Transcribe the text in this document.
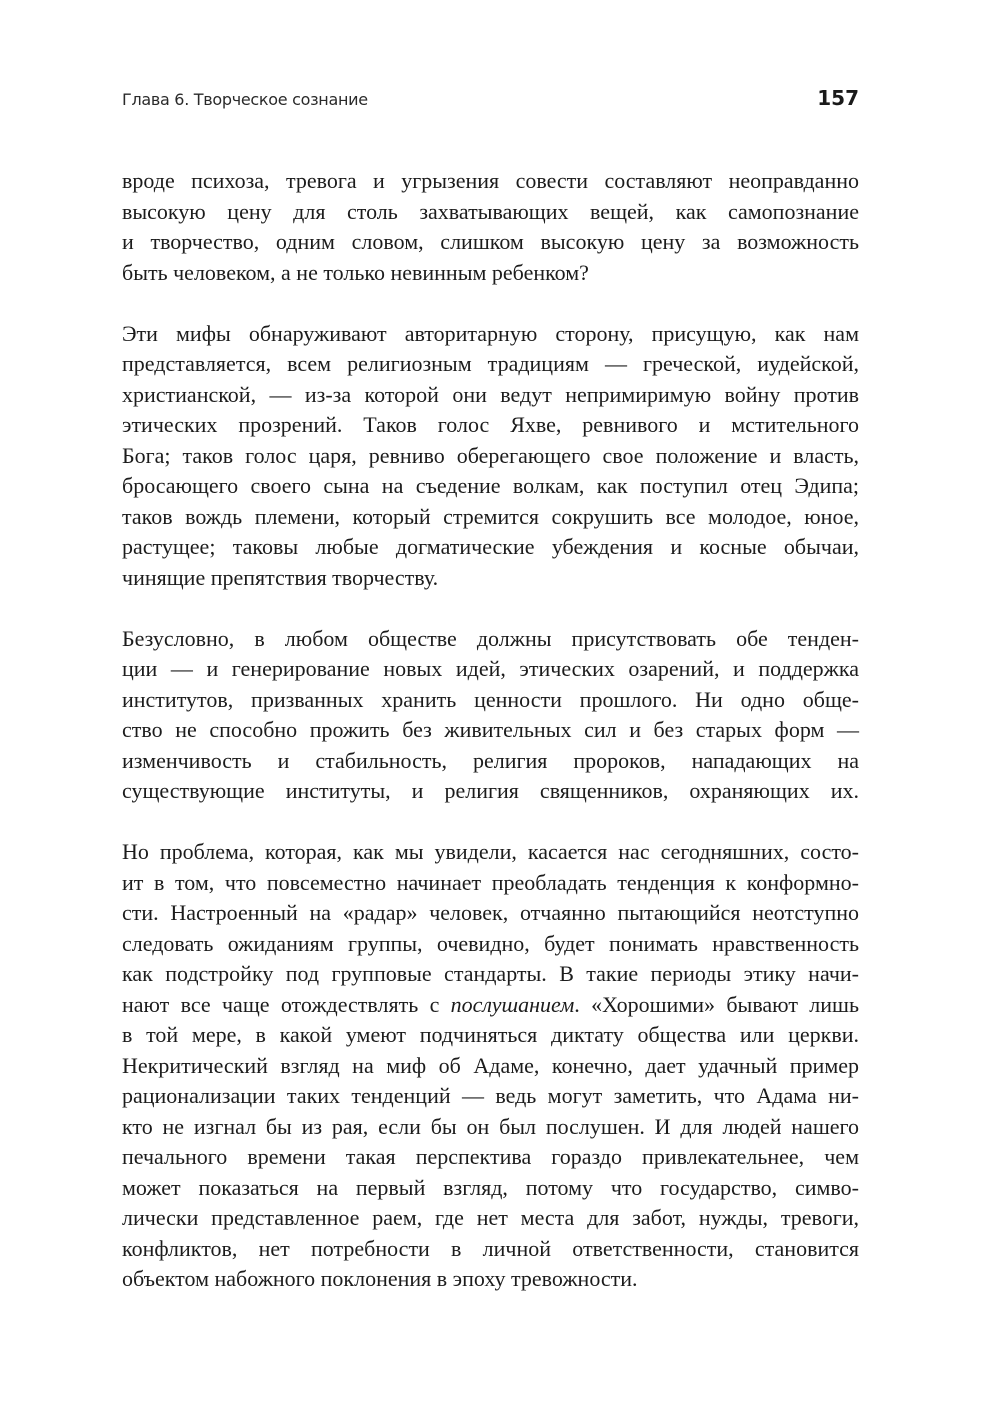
Глава 6. Творческое сознание	157
вроде психоза, тревога и угрызения совести составляют неоправданно
высокую цену для столь захватывающих вещей, как самопознание
и творчество, одним словом, слишком высокую цену за возможность
быть человеком, а не только невинным ребенком?
Эти мифы обнаруживают авторитарную сторону, присущую, как нам
представляется, всем религиозным традициям — греческой, иудейской,
христианской, — из-за которой они ведут непримиримую войну против
этических прозрений. Таков голос Яхве, ревнивого и мстительного
Бога; таков голос царя, ревниво оберегающего свое положение и власть,
бросающего своего сына на съедение волкам, как поступил отец Эдипа;
таков вождь племени, который стремится сокрушить все молодое, юное,
растущее; таковы любые догматические убеждения и косные обычаи,
чинящие препятствия творчеству.
Безусловно, в любом обществе должны присутствовать обе тенден-
ции — и генерирование новых идей, этических озарений, и поддержка
институтов, призванных хранить ценности прошлого. Ни одно обще-
ство не способно прожить без живительных сил и без старых форм —
изменчивость и стабильность, религия пророков, нападающих на
существующие институты, и религия священников, охраняющих их.
Но проблема, которая, как мы увидели, касается нас сегодняшних, состо-
ит в том, что повсеместно начинает преобладать тенденция к конформно-
сти. Настроенный на «радар» человек, отчаянно пытающийся неотступно
следовать ожиданиям группы, очевидно, будет понимать нравственность
как подстройку под групповые стандарты. В такие периоды этику начи-
нают все чаще отождествлять с послушанием. «Хорошими» бывают лишь
в той мере, в какой умеют подчиняться диктату общества или церкви.
Некритический взгляд на миф об Адаме, конечно, дает удачный пример
рационализации таких тенденций — ведь могут заметить, что Адама ни-
кто не изгнал бы из рая, если бы он был послушен. И для людей нашего
печального времени такая перспектива гораздо привлекательнее, чем
может показаться на первый взгляд, потому что государство, симво-
лически представленное раем, где нет места для забот, нужды, тревоги,
конфликтов, нет потребности в личной ответственности, становится
объектом набожного поклонения в эпоху тревожности.
